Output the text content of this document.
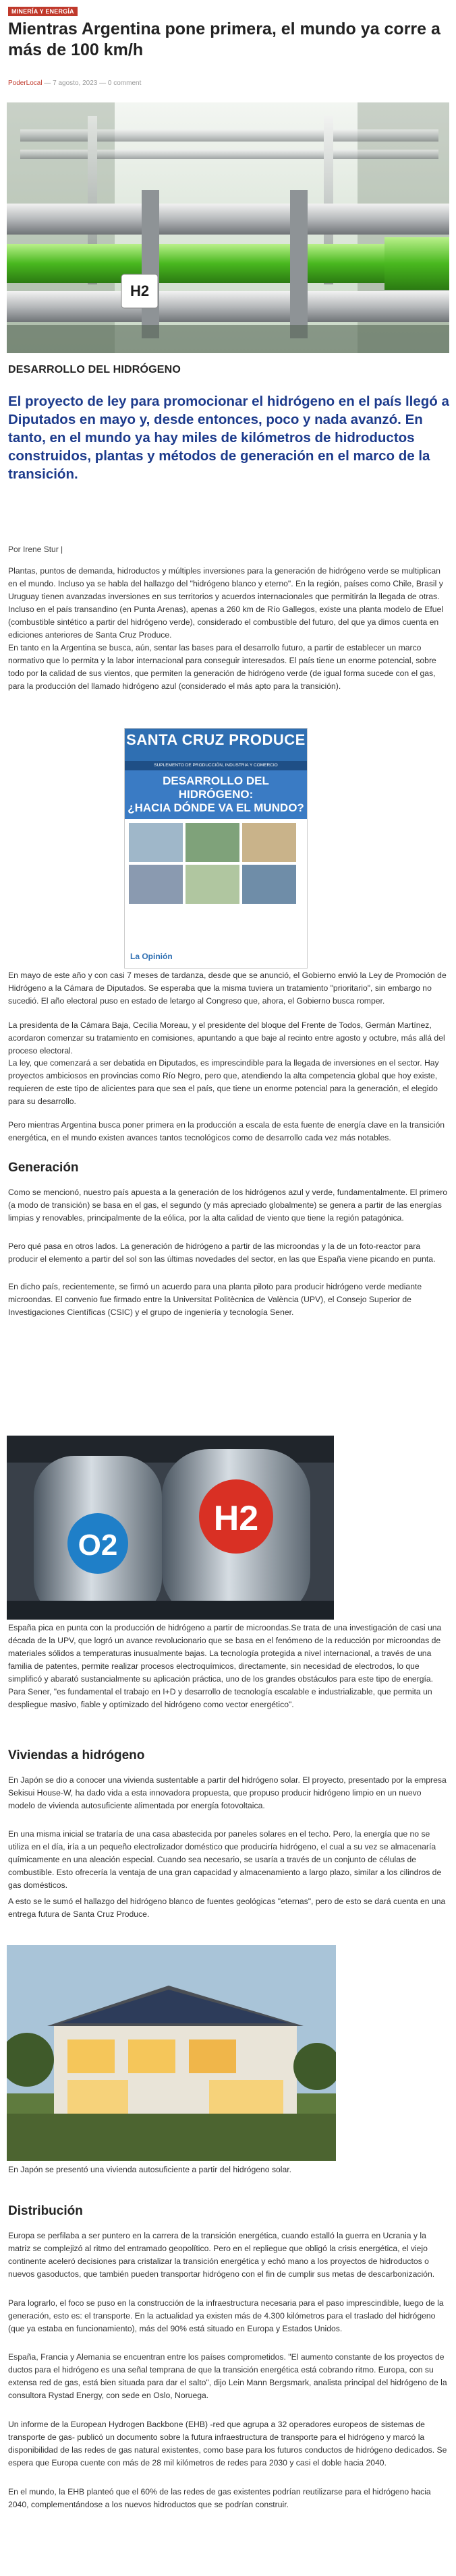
MINERÍA Y ENERGÍA
Mientras Argentina pone primera, el mundo ya corre a más de 100 km/h
PoderLocal — 7 agosto, 2023 — 0 comment
H2
DESARROLLO DEL HIDRÓGENO

El proyecto de ley para promocionar el hidrógeno en el país llegó a Diputados en mayo y, desde entonces, poco y nada avanzó. En tanto, en el mundo ya hay miles de kilómetros de hidroductos construidos, plantas y métodos de generación en el marco de la transición.

Por Irene Stur |

Plantas, puntos de demanda, hidroductos y múltiples inversiones para la generación de hidrógeno verde se multiplican en el mundo. Incluso ya se habla del hallazgo del "hidrógeno blanco y eterno". En la región, países como Chile, Brasil y Uruguay tienen avanzadas inversiones en sus territorios y acuerdos internacionales que permitirán la llegada de otras. Incluso en el país transandino (en Punta Arenas), apenas a 260 km de Río Gallegos, existe una planta modelo de Efuel (combustible sintético a partir del hidrógeno verde), considerado el combustible del futuro, del que ya dimos cuenta en ediciones anteriores de Santa Cruz Produce.

En tanto en la Argentina se busca, aún, sentar las bases para el desarrollo futuro, a partir de establecer un marco normativo que lo permita y la labor internacional para conseguir interesados. El país tiene un enorme potencial, sobre todo por la calidad de sus vientos, que permiten la generación de hidrógeno verde (de igual forma sucede con el gas, para la producción del llamado hidrógeno azul (considerado el más apto para la transición).

SANTA CRUZ PRODUCE
SUPLEMENTO DE PRODUCCIÓN, INDUSTRIA Y COMERCIO
DESARROLLO DEL HIDRÓGENO:
¿HACIA DÓNDE VA EL MUNDO?
La Opinión

En mayo de este año y con casi 7 meses de tardanza, desde que se anunció, el Gobierno envió la Ley de Promoción de Hidrógeno a la Cámara de Diputados. Se esperaba que la misma tuviera un tratamiento "prioritario", sin embargo no sucedió. El año electoral puso en estado de letargo al Congreso que, ahora, el Gobierno busca romper.

La presidenta de la Cámara Baja, Cecilia Moreau, y el presidente del bloque del Frente de Todos, Germán Martínez, acordaron comenzar su tratamiento en comisiones, apuntando a que baje al recinto entre agosto y octubre, más allá del proceso electoral.

La ley, que comenzará a ser debatida en Diputados, es imprescindible para la llegada de inversiones en el sector. Hay proyectos ambiciosos en provincias como Río Negro, pero que, atendiendo la alta competencia global que hoy existe, requieren de este tipo de alicientes para que sea el país, que tiene un enorme potencial para la generación, el elegido para su desarrollo.

Pero mientras Argentina busca poner primera en la producción a escala de esta fuente de energía clave en la transición energética, en el mundo existen avances tantos tecnológicos como de desarrollo cada vez más notables.

Generación

Como se mencionó, nuestro país apuesta a la generación de los hidrógenos azul y verde, fundamentalmente. El primero (a modo de transición) se basa en el gas, el segundo (y más apreciado globalmente) se genera a partir de las energías limpias y renovables, principalmente de la eólica, por la alta calidad de viento que tiene la región patagónica.

Pero qué pasa en otros lados. La generación de hidrógeno a partir de las microondas y la de un foto-reactor para producir el elemento a partir del sol son las últimas novedades del sector, en las que España viene picando en punta.

En dicho país, recientemente, se firmó un acuerdo para una planta piloto para producir hidrógeno verde mediante microondas. El convenio fue firmado entre la Universitat Politècnica de València (UPV), el Consejo Superior de Investigaciones Científicas (CSIC) y el grupo de ingeniería y tecnología Sener.

O2
H2

España pica en punta con la producción de hidrógeno a partir de microondas.Se trata de una investigación de casi una década de la UPV, que logró un avance revolucionario que se basa en el fenómeno de la reducción por microondas de materiales sólidos a temperaturas inusualmente bajas. La tecnología protegida a nivel internacional, a través de una familia de patentes, permite realizar procesos electroquímicos, directamente, sin necesidad de electrodos, lo que simplificó y abarató sustancialmente su aplicación práctica, uno de los grandes obstáculos para este tipo de energía. Para Sener, "es fundamental el trabajo en I+D y desarrollo de tecnología escalable e industrializable, que permita un despliegue masivo, fiable y optimizado del hidrógeno como vector energético".

Viviendas a hidrógeno

En Japón se dio a conocer una vivienda sustentable a partir del hidrógeno solar. El proyecto, presentado por la empresa Sekisui House-W, ha dado vida a esta innovadora propuesta, que propuso producir hidrógeno limpio en un nuevo modelo de vivienda autosuficiente alimentada por energía fotovoltaica.

En una misma inicial se trataría de una casa abastecida por paneles solares en el techo. Pero, la energía que no se utiliza en el día, iría a un pequeño electrolizador doméstico que produciría hidrógeno, el cual a su vez se almacenaría químicamente en una aleación especial. Cuando sea necesario, se usaría a través de un conjunto de células de combustible. Esto ofrecería la ventaja de una gran capacidad y almacenamiento a largo plazo, similar a los cilindros de gas domésticos.

A esto se le sumó el hallazgo del hidrógeno blanco de fuentes geológicas "eternas", pero de esto se dará cuenta en una entrega futura de Santa Cruz Produce.

En Japón se presentó una vivienda autosuficiente a partir del hidrógeno solar.

Distribución

Europa se perfilaba a ser puntero en la carrera de la transición energética, cuando estalló la guerra en Ucrania y la matriz se complejizó al ritmo del entramado geopolítico. Pero en el repliegue que obligó la crisis energética, el viejo continente aceleró decisiones para cristalizar la transición energética y echó mano a los proyectos de hidroductos o nuevos gasoductos, que también pueden transportar hidrógeno con el fin de cumplir sus metas de descarbonización.

Para lograrlo, el foco se puso en la construcción de la infraestructura necesaria para el paso imprescindible, luego de la generación, esto es: el transporte. En la actualidad ya existen más de 4.300 kilómetros para el traslado del hidrógeno (que ya estaba en funcionamiento), más del 90% está situado en Europa y Estados Unidos.

España, Francia y Alemania se encuentran entre los países comprometidos. "El aumento constante de los proyectos de ductos para el hidrógeno es una señal temprana de que la transición energética está cobrando ritmo. Europa, con su extensa red de gas, está bien situada para dar el salto", dijo Lein Mann Bergsmark, analista principal del hidrógeno de la consultora Rystad Energy, con sede en Oslo, Noruega.

Un informe de la European Hydrogen Backbone (EHB) -red que agrupa a 32 operadores europeos de sistemas de transporte de gas- publicó un documento sobre la futura infraestructura de transporte para el hidrógeno y marcó la disponibilidad de las redes de gas natural existentes, como base para los futuros conductos de hidrógeno dedicados. Se espera que Europa cuente con más de 28 mil kilómetros de redes para 2030 y casi el doble hacia 2040.

En el mundo, la EHB planteó que el 60% de las redes de gas existentes podrían reutilizarse para el hidrógeno hacia 2040, complementándose a los nuevos hidroductos que se podrían construir.
